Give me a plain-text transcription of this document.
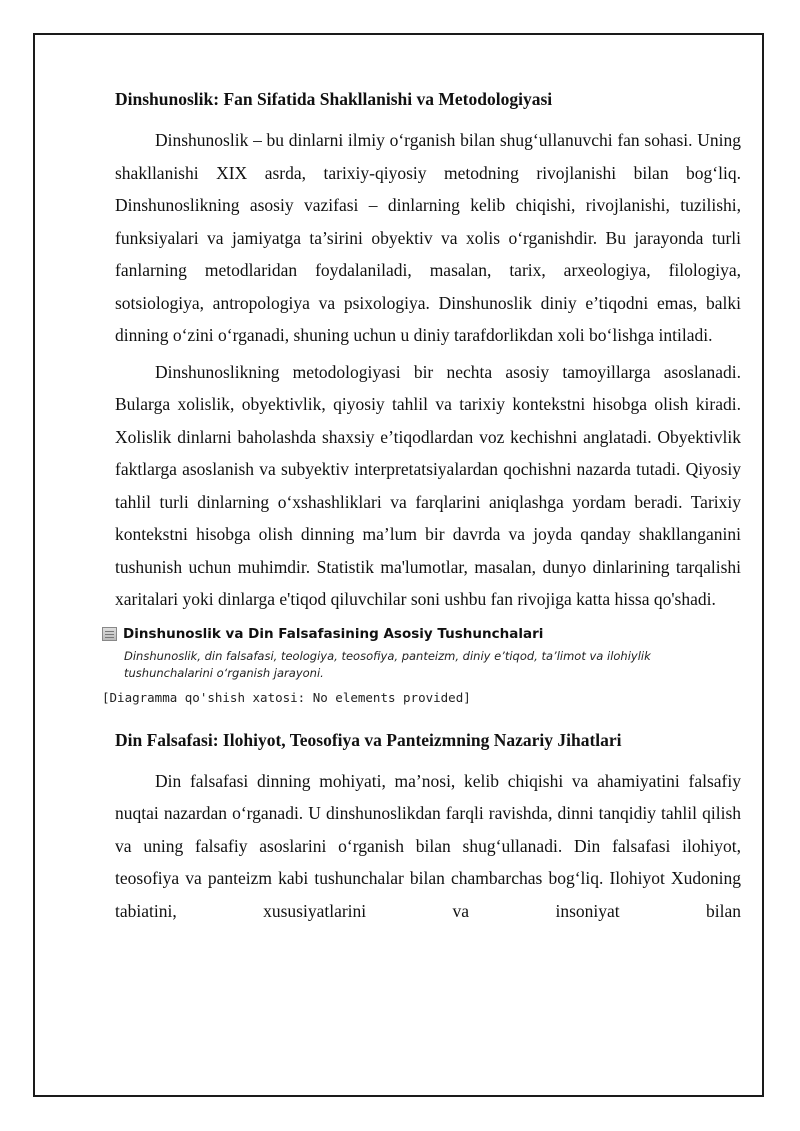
Dinshunoslik: Fan Sifatida Shakllanishi va Metodologiyasi

Dinshunoslik – bu dinlarni ilmiy o‘rganish bilan shug‘ullanuvchi fan sohasi. Uning shakllanishi XIX asrda, tarixiy-qiyosiy metodning rivojlanishi bilan bog‘liq. Dinshunoslikning asosiy vazifasi – dinlarning kelib chiqishi, rivojlanishi, tuzilishi, funksiyalari va jamiyatga ta’sirini obyektiv va xolis o‘rganishdir. Bu jarayonda turli fanlarning metodlaridan foydalaniladi, masalan, tarix, arxeologiya, filologiya, sotsiologiya, antropologiya va psixologiya. Dinshunoslik diniy e’tiqodni emas, balki dinning o‘zini o‘rganadi, shuning uchun u diniy tarafdorlikdan xoli bo‘lishga intiladi.

Dinshunoslikning metodologiyasi bir nechta asosiy tamoyillarga asoslanadi. Bularga xolislik, obyektivlik, qiyosiy tahlil va tarixiy kontekstni hisobga olish kiradi. Xolislik dinlarni baholashda shaxsiy e’tiqodlardan voz kechishni anglatadi. Obyektivlik faktlarga asoslanish va subyektiv interpretatsiyalardan qochishni nazarda tutadi. Qiyosiy tahlil turli dinlarning o‘xshashliklari va farqlarini aniqlashga yordam beradi. Tarixiy kontekstni hisobga olish dinning ma’lum bir davrda va joyda qanday shakllanganini tushunish uchun muhimdir. Statistik ma'lumotlar, masalan, dunyo dinlarining tarqalishi xaritalari yoki dinlarga e'tiqod qiluvchilar soni ushbu fan rivojiga katta hissa qo'shadi.

Dinshunoslik va Din Falsafasining Asosiy Tushunchalari
Dinshunoslik, din falsafasi, teologiya, teosofiya, panteizm, diniy e’tiqod, ta’limot va ilohiylik tushunchalarini o‘rganish jarayoni.
[Diagramma qo'shish xatosi: No elements provided]
Din Falsafasi: Ilohiyot, Teosofiya va Panteizmning Nazariy Jihatlari

Din falsafasi dinning mohiyati, ma’nosi, kelib chiqishi va ahamiyatini falsafiy nuqtai nazardan o‘rganadi. U dinshunoslikdan farqli ravishda, dinni tanqidiy tahlil qilish va uning falsafiy asoslarini o‘rganish bilan shug‘ullanadi. Din falsafasi ilohiyot, teosofiya va panteizm kabi tushunchalar bilan chambarchas bog‘liq. Ilohiyot Xudoning tabiatini, xususiyatlarini va insoniyat bilan
